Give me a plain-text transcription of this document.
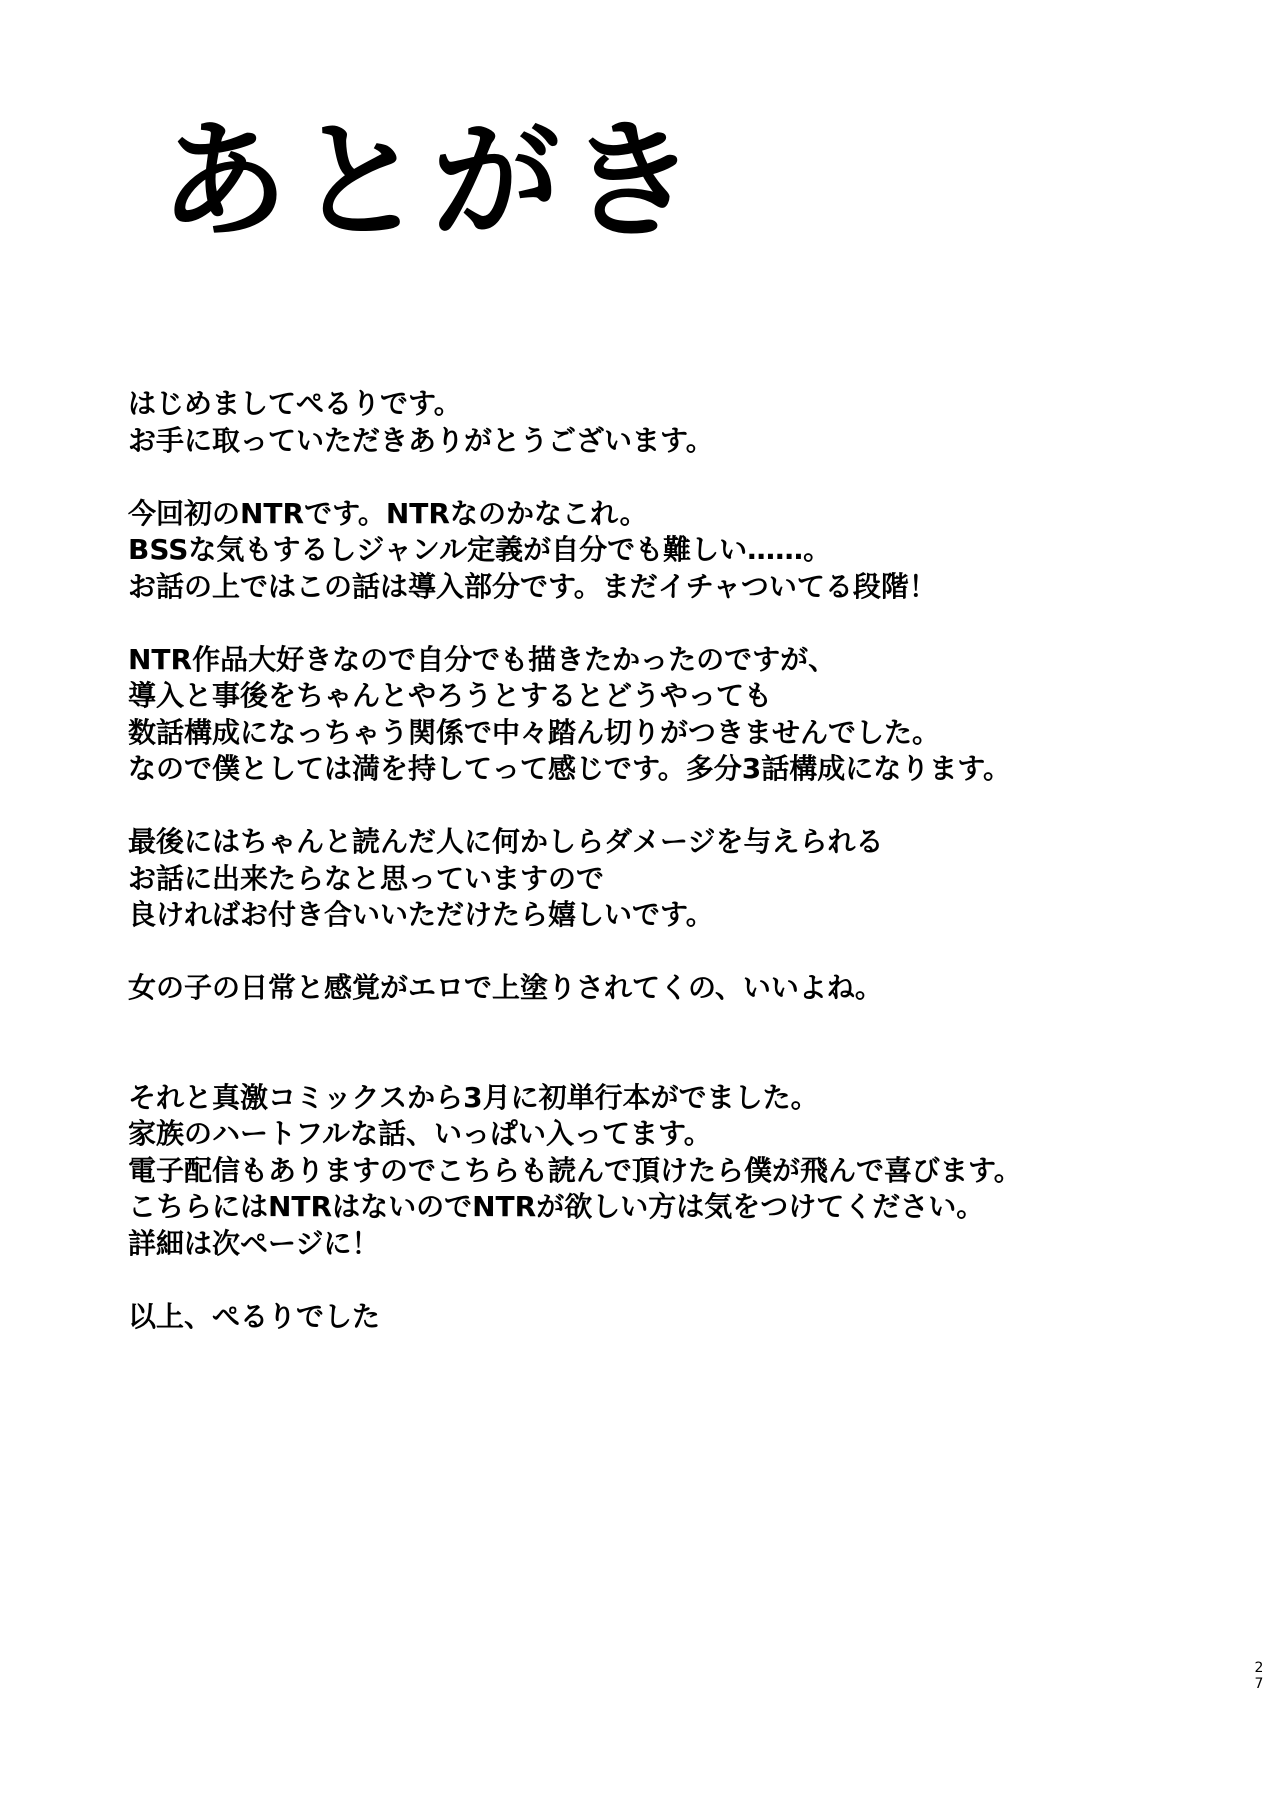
あとがき
はじめましてぺるりです。
お手に取っていただきありがとうございます。
今回初のNTRです。NTRなのかなこれ。
BSSな気もするしジャンル定義が自分でも難しい……。
お話の上ではこの話は導入部分です。まだイチャついてる段階！
NTR作品大好きなので自分でも描きたかったのですが、
導入と事後をちゃんとやろうとするとどうやっても
数話構成になっちゃう関係で中々踏ん切りがつきませんでした。
なので僕としては満を持してって感じです。多分3話構成になります。
最後にはちゃんと読んだ人に何かしらダメージを与えられる
お話に出来たらなと思っていますので
良ければお付き合いいただけたら嬉しいです。
女の子の日常と感覚がエロで上塗りされてくの、いいよね。
それと真激コミックスから3月に初単行本がでました。
家族のハートフルな話、いっぱい入ってます。
電子配信もありますのでこちらも読んで頂けたら僕が飛んで喜びます。
こちらにはNTRはないのでNTRが欲しい方は気をつけてください。
詳細は次ページに！
以上、ぺるりでした
2
7
